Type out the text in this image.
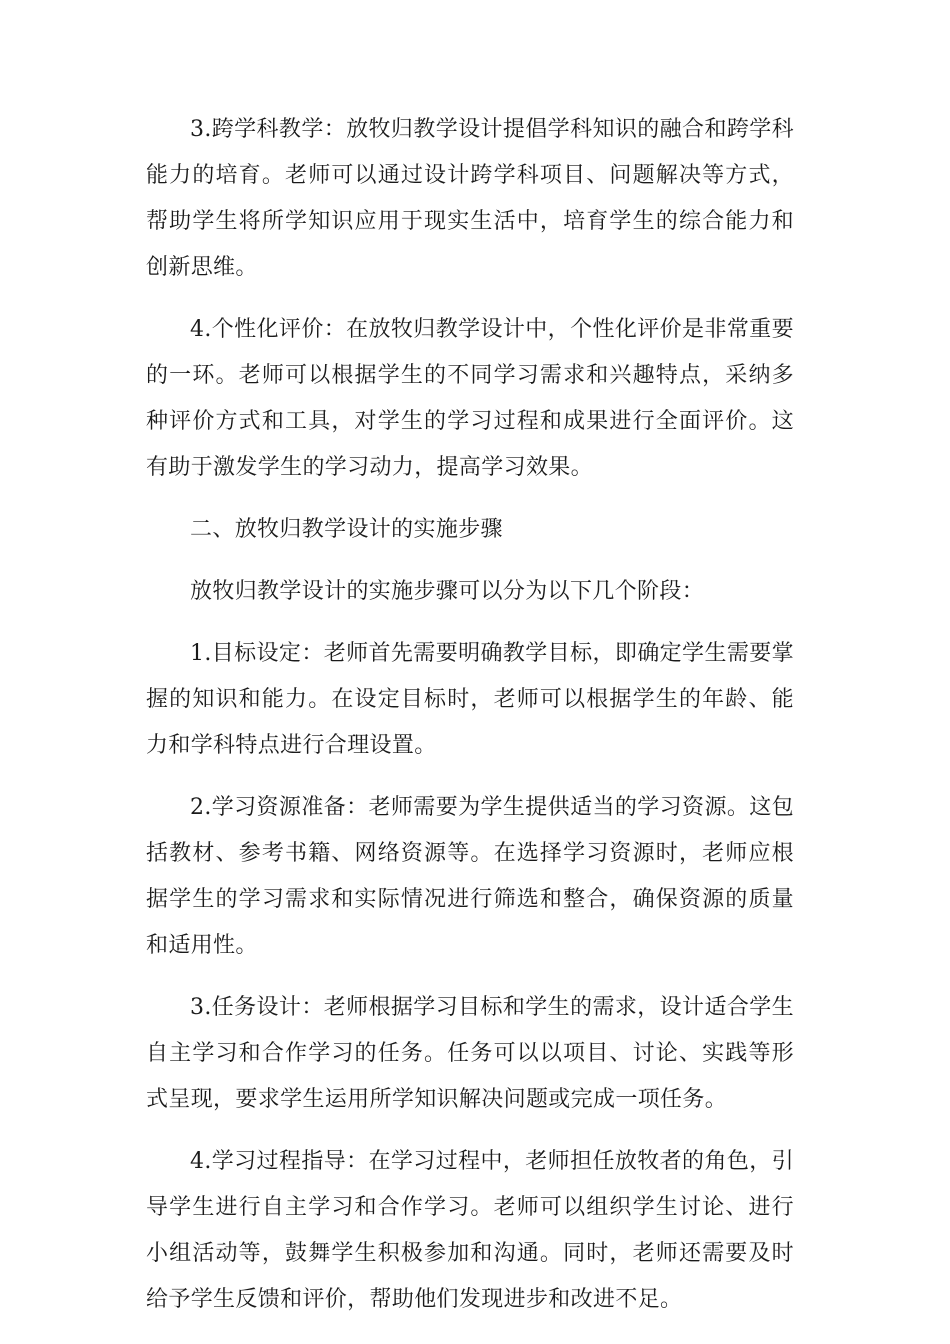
3.跨学科教学：放牧归教学设计提倡学科知识的融合和跨学科能力的培育。老师可以通过设计跨学科项目、问题解决等方式，帮助学生将所学知识应用于现实生活中，培育学生的综合能力和创新思维。

4.个性化评价：在放牧归教学设计中，个性化评价是非常重要的一环。老师可以根据学生的不同学习需求和兴趣特点，采纳多种评价方式和工具，对学生的学习过程和成果进行全面评价。这有助于激发学生的学习动力，提高学习效果。

二、放牧归教学设计的实施步骤

放牧归教学设计的实施步骤可以分为以下几个阶段：

1.目标设定：老师首先需要明确教学目标，即确定学生需要掌握的知识和能力。在设定目标时，老师可以根据学生的年龄、能力和学科特点进行合理设置。

2.学习资源准备：老师需要为学生提供适当的学习资源。这包括教材、参考书籍、网络资源等。在选择学习资源时，老师应根据学生的学习需求和实际情况进行筛选和整合，确保资源的质量和适用性。

3.任务设计：老师根据学习目标和学生的需求，设计适合学生自主学习和合作学习的任务。任务可以以项目、讨论、实践等形式呈现，要求学生运用所学知识解决问题或完成一项任务。

4.学习过程指导：在学习过程中，老师担任放牧者的角色，引导学生进行自主学习和合作学习。老师可以组织学生讨论、进行小组活动等，鼓舞学生积极参加和沟通。同时，老师还需要及时给予学生反馈和评价，帮助他们发现进步和改进不足。
